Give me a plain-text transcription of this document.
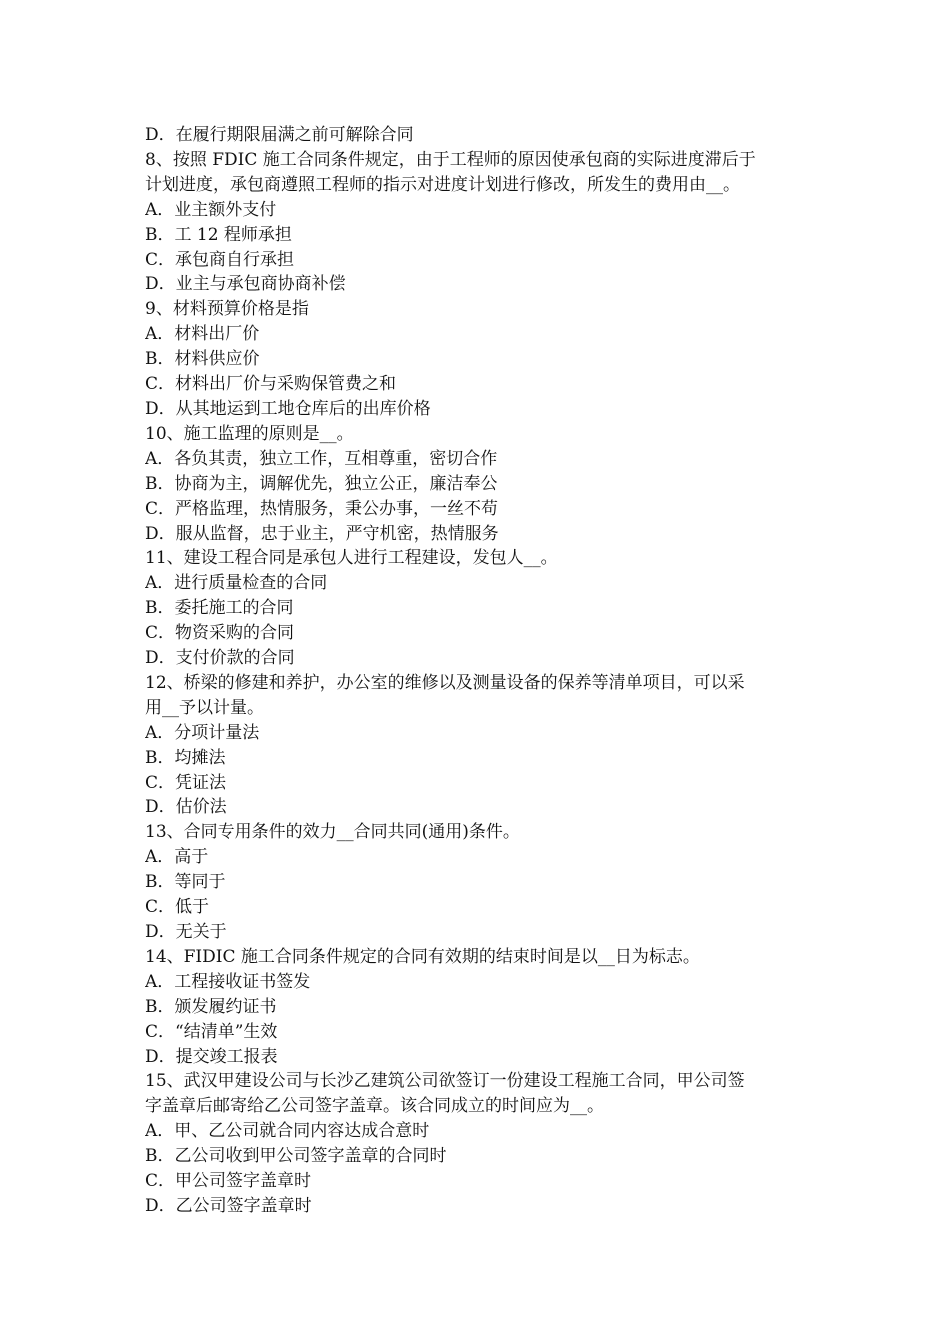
D．在履行期限届满之前可解除合同
8、按照 FDIC 施工合同条件规定，由于工程师的原因使承包商的实际进度滞后于
计划进度，承包商遵照工程师的指示对进度计划进行修改，所发生的费用由__。
A．业主额外支付
B．工 12 程师承担
C．承包商自行承担
D．业主与承包商协商补偿
9、材料预算价格是指
A．材料出厂价
B．材料供应价
C．材料出厂价与采购保管费之和
D．从其地运到工地仓库后的出库价格
10、施工监理的原则是__。
A．各负其责，独立工作，互相尊重，密切合作
B．协商为主，调解优先，独立公正，廉洁奉公
C．严格监理，热情服务，秉公办事，一丝不苟
D．服从监督，忠于业主，严守机密，热情服务
11、建设工程合同是承包人进行工程建设，发包人__。
A．进行质量检查的合同
B．委托施工的合同
C．物资采购的合同
D．支付价款的合同
12、桥梁的修建和养护，办公室的维修以及测量设备的保养等清单项目，可以采
用__予以计量。
A．分项计量法
B．均摊法
C．凭证法
D．估价法
13、合同专用条件的效力__合同共同(通用)条件。
A．高于
B．等同于
C．低于
D．无关于
14、FIDIC 施工合同条件规定的合同有效期的结束时间是以__日为标志。
A．工程接收证书签发
B．颁发履约证书
C．“结清单”生效
D．提交竣工报表
15、武汉甲建设公司与长沙乙建筑公司欲签订一份建设工程施工合同，甲公司签
字盖章后邮寄给乙公司签字盖章。该合同成立的时间应为__。
A．甲、乙公司就合同内容达成合意时
B．乙公司收到甲公司签字盖章的合同时
C．甲公司签字盖章时
D．乙公司签字盖章时
